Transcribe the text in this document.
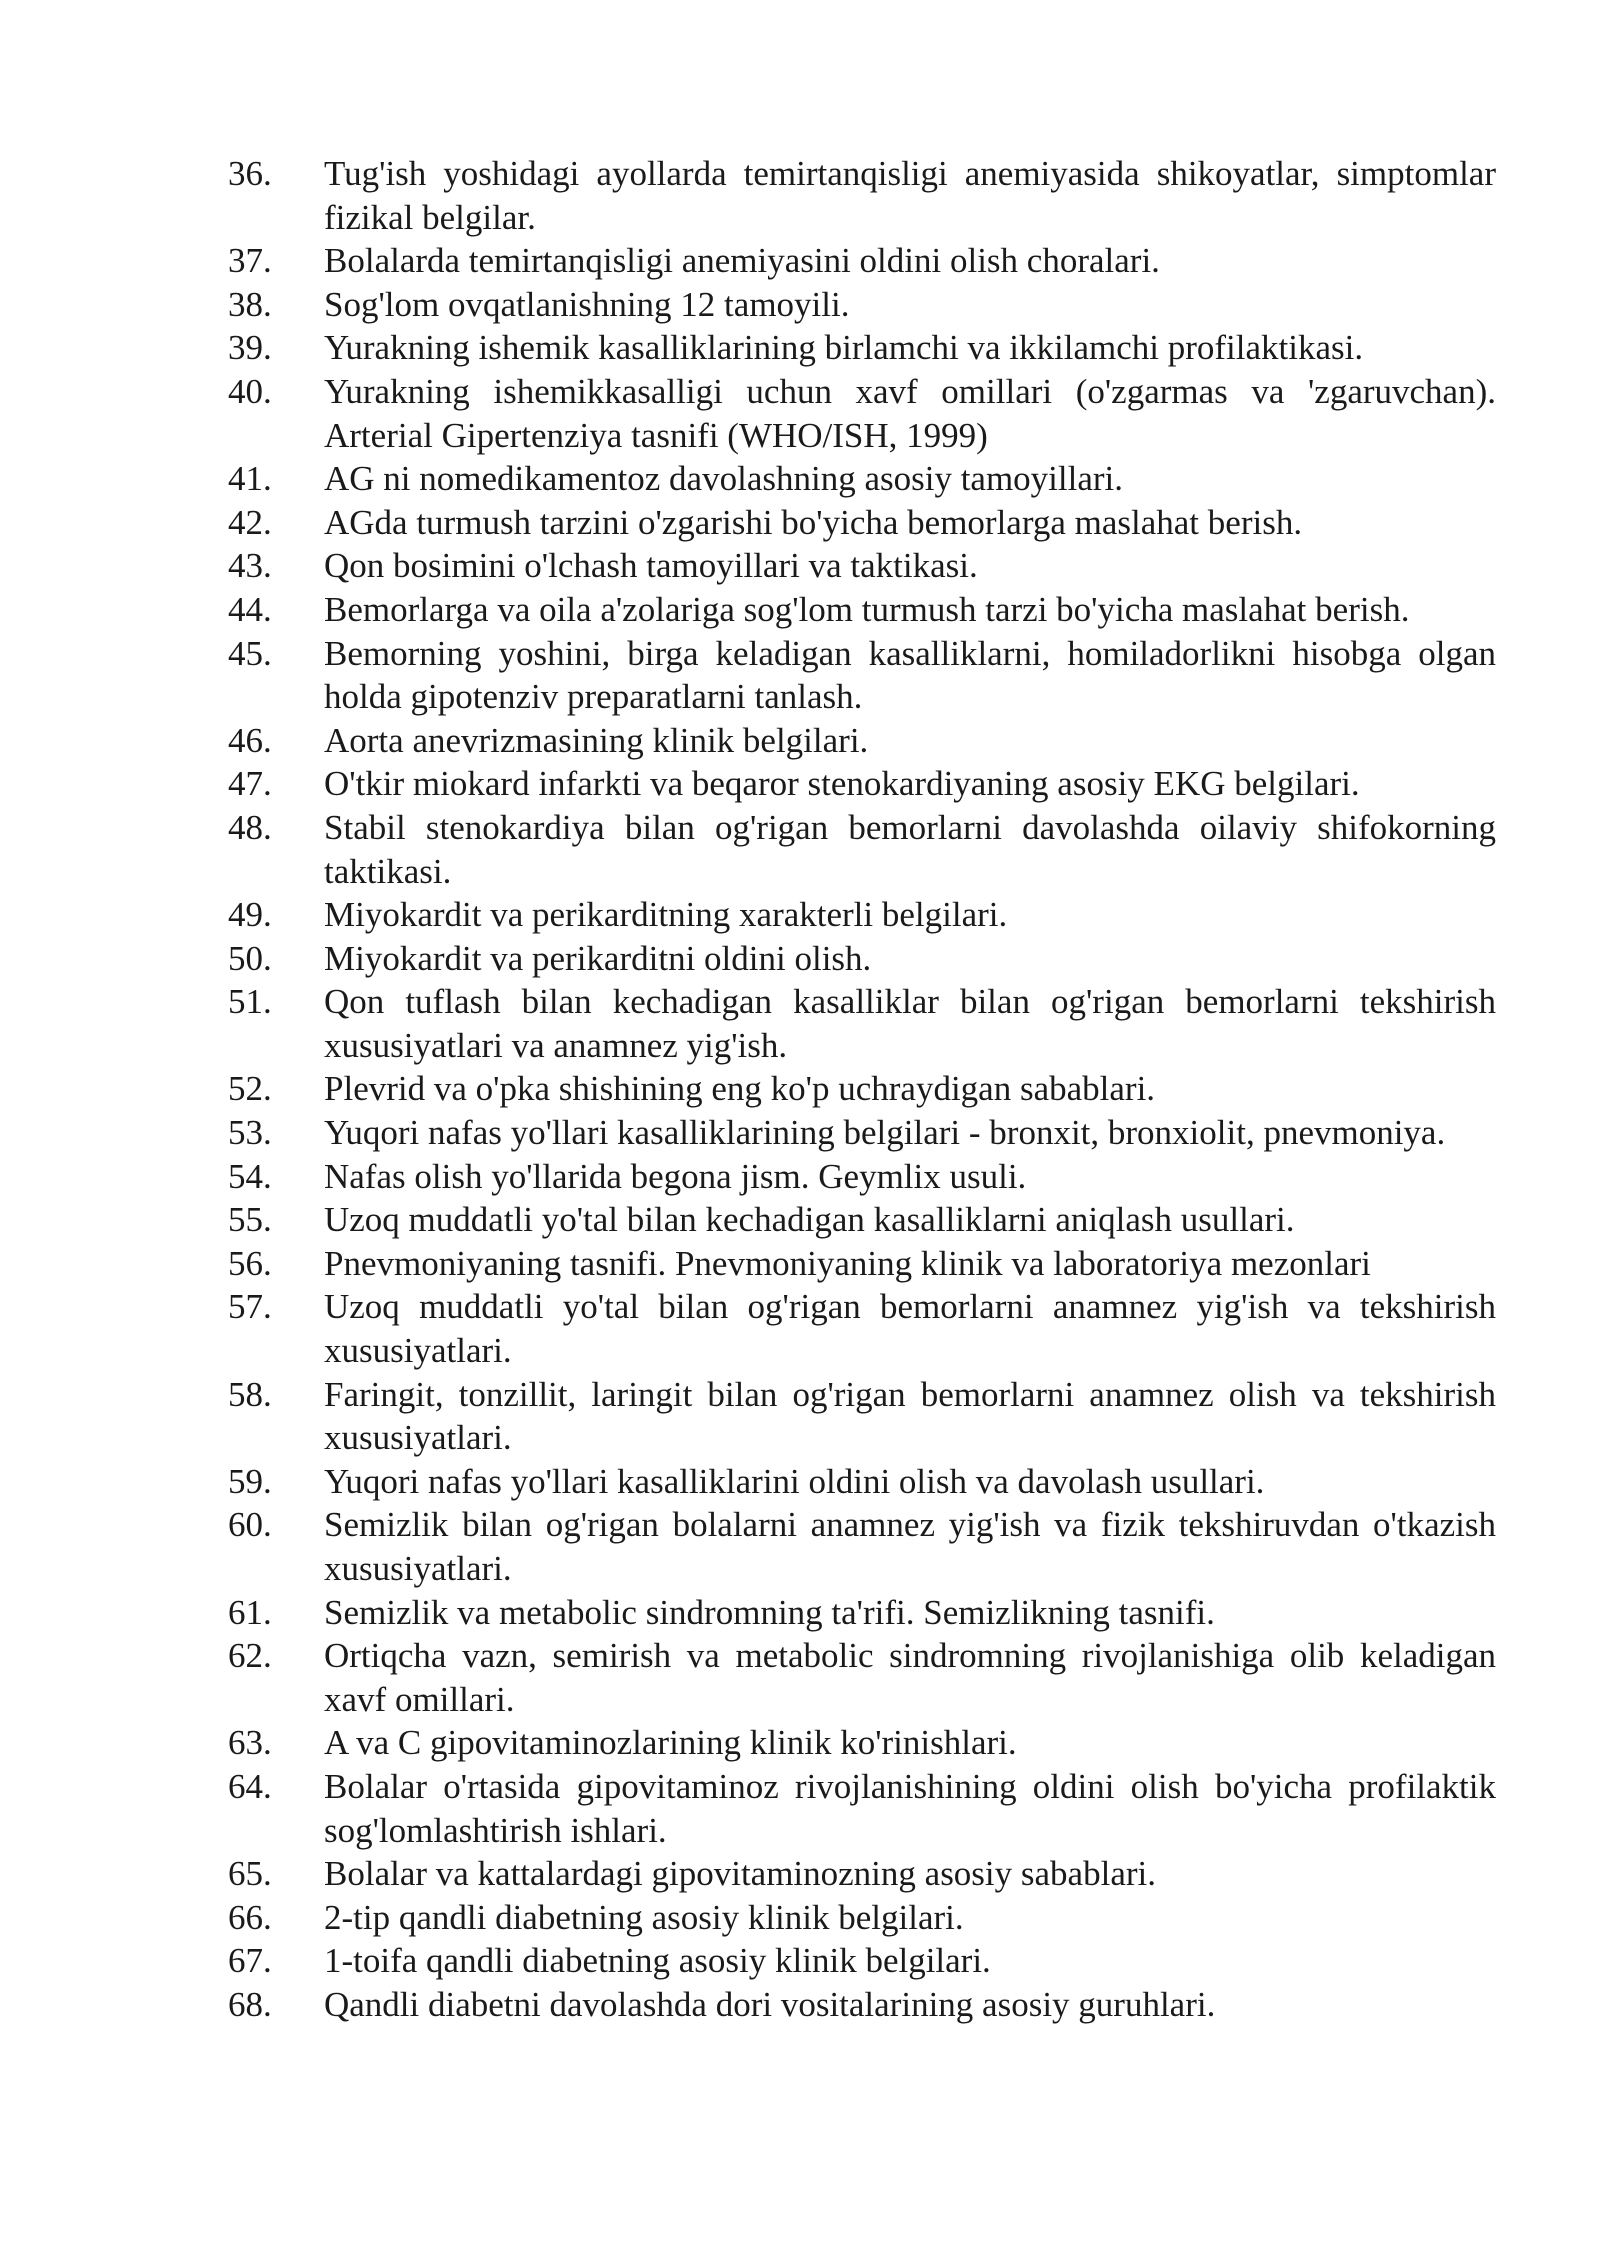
36.	Tug'ish yoshidagi ayollarda temirtanqisligi anemiyasida shikoyatlar, simptomlar fizikal belgilar.
37.	Bolalarda temirtanqisligi anemiyasini oldini olish choralari.
38.	Sog'lom ovqatlanishning 12 tamoyili.
39.	Yurakning ishemik kasalliklarining birlamchi va ikkilamchi profilaktikasi.
40.	Yurakning ishemikkasalligi uchun xavf omillari (o'zgarmas va 'zgaruvchan). Arterial Gipertenziya tasnifi (WHO/ISH, 1999)
41.	AG ni nomedikamentoz davolashning asosiy tamoyillari.
42.	AGda turmush tarzini o'zgarishi bo'yicha bemorlarga maslahat berish.
43.	Qon bosimini o'lchash tamoyillari va taktikasi.
44.	Bemorlarga va oila a'zolariga sog'lom turmush tarzi bo'yicha maslahat berish.
45.	Bemorning yoshini, birga keladigan kasalliklarni, homiladorlikni hisobga olgan holda gipotenziv preparatlarni tanlash.
46.	Aorta anevrizmasining klinik belgilari.
47.	O'tkir miokard infarkti va beqaror stenokardiyaning asosiy EKG belgilari.
48.	Stabil stenokardiya bilan og'rigan bemorlarni davolashda oilaviy shifokorning taktikasi.
49.	Miyokardit va perikarditning xarakterli belgilari.
50.	Miyokardit va perikarditni oldini olish.
51.	Qon tuflash bilan kechadigan kasalliklar bilan og'rigan bemorlarni tekshirish xususiyatlari va anamnez yig'ish.
52.	Plevrid va o'pka shishining eng ko'p uchraydigan sabablari.
53.	Yuqori nafas yo'llari kasalliklarining belgilari - bronxit, bronxiolit, pnevmoniya.
54.	Nafas olish yo'llarida begona jism. Geymlix usuli.
55.	Uzoq muddatli yo'tal bilan kechadigan kasalliklarni aniqlash usullari.
56.	Pnevmoniyaning tasnifi. Pnevmoniyaning klinik va laboratoriya mezonlari
57.	Uzoq muddatli yo'tal bilan og'rigan bemorlarni anamnez yig'ish va tekshirish xususiyatlari.
58.	Faringit, tonzillit, laringit bilan og'rigan bemorlarni anamnez olish va tekshirish xususiyatlari.
59.	Yuqori nafas yo'llari kasalliklarini oldini olish va davolash usullari.
60.	Semizlik bilan og'rigan bolalarni anamnez yig'ish va fizik tekshiruvdan o'tkazish xususiyatlari.
61.	Semizlik va metabolic sindromning ta'rifi. Semizlikning tasnifi.
62.	Ortiqcha vazn, semirish va metabolic sindromning rivojlanishiga olib keladigan xavf omillari.
63.	A va C gipovitaminozlarining klinik ko'rinishlari.
64.	Bolalar o'rtasida gipovitaminoz rivojlanishining oldini olish bo'yicha profilaktik sog'lomlashtirish ishlari.
65.	Bolalar va kattalardagi gipovitaminozning asosiy sabablari.
66.	2-tip qandli diabetning asosiy klinik belgilari.
67.	1-toifa qandli diabetning asosiy klinik belgilari.
68.	Qandli diabetni davolashda dori vositalarining asosiy guruhlari.
